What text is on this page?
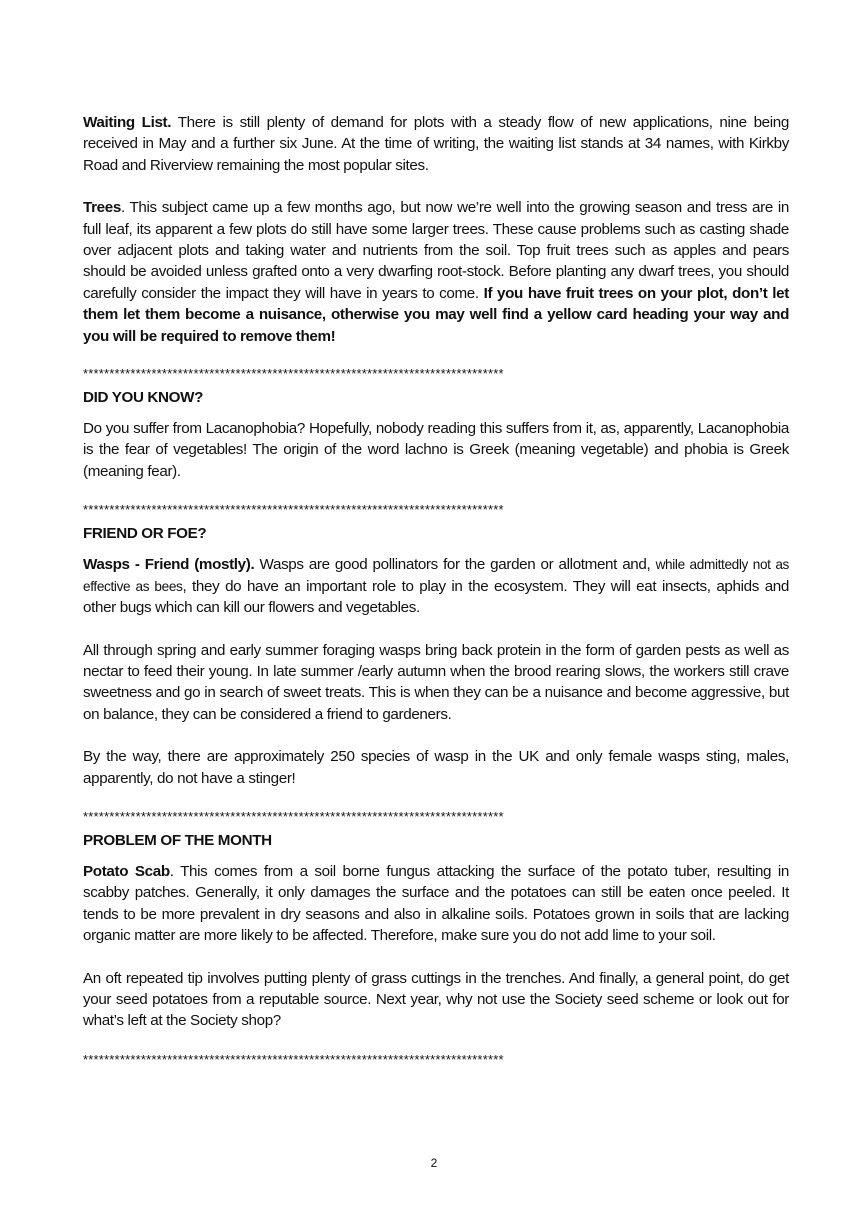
Waiting List. There is still plenty of demand for plots with a steady flow of new applications, nine being received in May and a further six June. At the time of writing, the waiting list stands at 34 names, with Kirkby Road and Riverview remaining the most popular sites.

Trees. This subject came up a few months ago, but now we’re well into the growing season and tress are in full leaf, its apparent a few plots do still have some larger trees. These cause problems such as casting shade over adjacent plots and taking water and nutrients from the soil. Top fruit trees such as apples and pears should be avoided unless grafted onto a very dwarfing root-stock. Before planting any dwarf trees, you should carefully consider the impact they will have in years to come. If you have fruit trees on your plot, don’t let them let them become a nuisance, otherwise you may well find a yellow card heading your way and you will be required to remove them!

********************************************************************************
DID YOU KNOW?

Do you suffer from Lacanophobia? Hopefully, nobody reading this suffers from it, as, apparently, Lacanophobia is the fear of vegetables! The origin of the word lachno is Greek (meaning vegetable) and phobia is Greek (meaning fear).

********************************************************************************
FRIEND OR FOE?

Wasps - Friend (mostly). Wasps are good pollinators for the garden or allotment and, while admittedly not as effective as bees, they do have an important role to play in the ecosystem. They will eat insects, aphids and other bugs which can kill our flowers and vegetables.

All through spring and early summer foraging wasps bring back protein in the form of garden pests as well as nectar to feed their young. In late summer /early autumn when the brood rearing slows, the workers still crave sweetness and go in search of sweet treats. This is when they can be a nuisance and become aggressive, but on balance, they can be considered a friend to gardeners.

By the way, there are approximately 250 species of wasp in the UK and only female wasps sting, males, apparently, do not have a stinger!

********************************************************************************
PROBLEM OF THE MONTH

Potato Scab. This comes from a soil borne fungus attacking the surface of the potato tuber, resulting in scabby patches. Generally, it only damages the surface and the potatoes can still be eaten once peeled. It tends to be more prevalent in dry seasons and also in alkaline soils. Potatoes grown in soils that are lacking organic matter are more likely to be affected. Therefore, make sure you do not add lime to your soil.

An oft repeated tip involves putting plenty of grass cuttings in the trenches. And finally, a general point, do get your seed potatoes from a reputable source. Next year, why not use the Society seed scheme or look out for what’s left at the Society shop?

********************************************************************************
2
